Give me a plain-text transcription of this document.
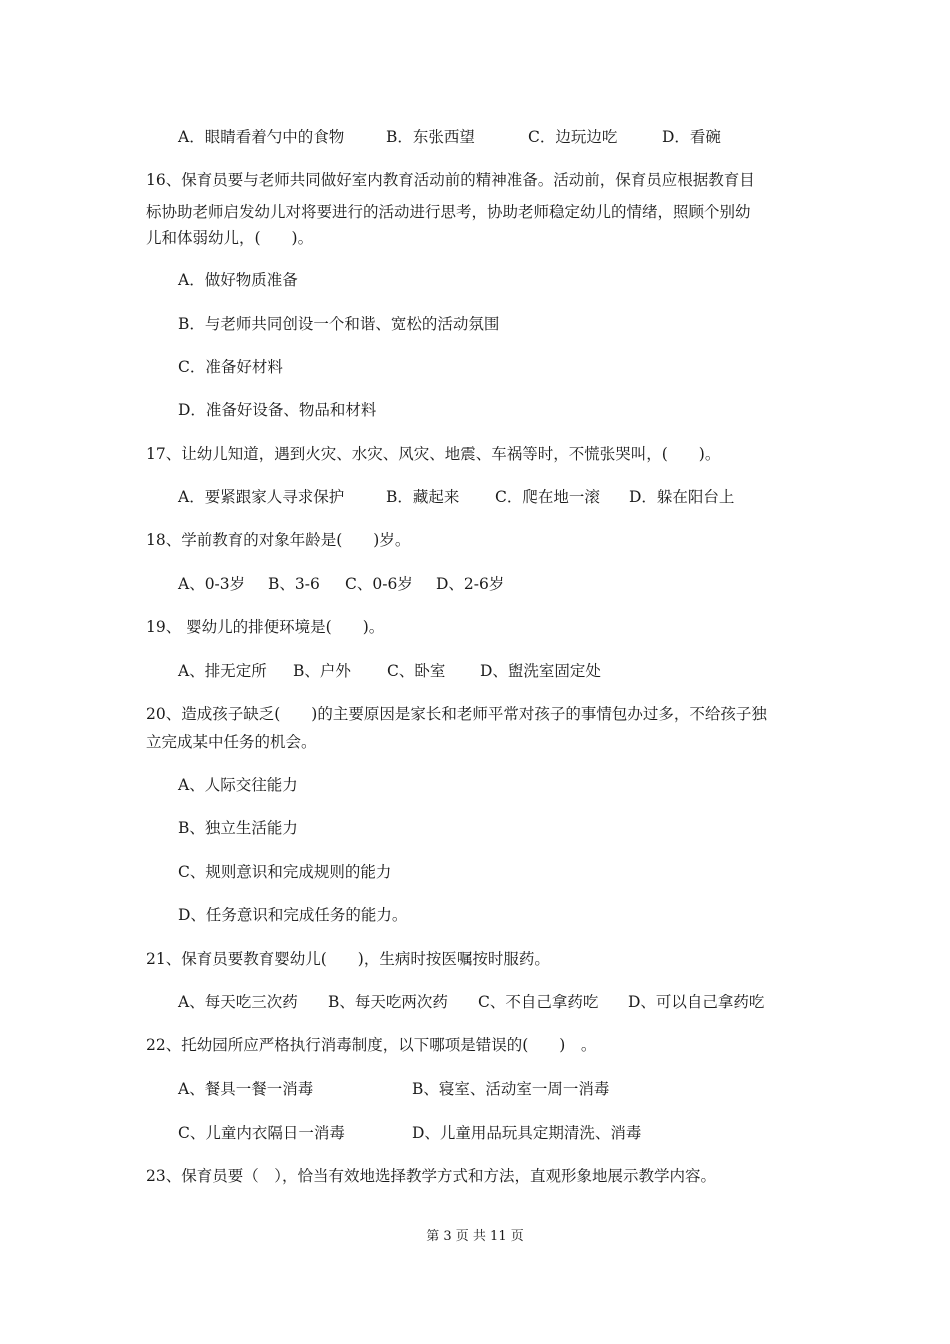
A．眼睛看着勺中的食物	B．东张西望	C．边玩边吃	D．看碗
16、保育员要与老师共同做好室内教育活动前的精神准备。活动前，保育员应根据教育目
标协助老师启发幼儿对将要进行的活动进行思考，协助老师稳定幼儿的情绪，照顾个别幼
儿和体弱幼儿，(　　)。
A．做好物质准备
B．与老师共同创设一个和谐、宽松的活动氛围
C．准备好材料
D．准备好设备、物品和材料
17、让幼儿知道，遇到火灾、水灾、风灾、地震、车祸等时，不慌张哭叫，(　　)。
A．要紧跟家人寻求保护	B．藏起来 C．爬在地一滚 D．躲在阳台上
18、学前教育的对象年龄是(　　)岁。
A、0-3岁 B、3-6 C、0-6岁 D、2-6岁
19、 婴幼儿的排便环境是(　　)。
A、排无定所 B、户外 C、卧室 D、盥洗室固定处
20、造成孩子缺乏(　　)的主要原因是家长和老师平常对孩子的事情包办过多，不给孩子独
立完成某中任务的机会。
A、人际交往能力
B、独立生活能力
C、规则意识和完成规则的能力
D、任务意识和完成任务的能力。
21、保育员要教育婴幼儿(　　)，生病时按医嘱按时服药。
A、每天吃三次药 B、每天吃两次药 C、不自己拿药吃 D、可以自己拿药吃
22、托幼园所应严格执行消毒制度，以下哪项是错误的(　　)　。
A、餐具一餐一消毒	B、寝室、活动室一周一消毒
C、儿童内衣隔日一消毒	D、儿童用品玩具定期清洗、消毒
23、保育员要（　），恰当有效地选择教学方式和方法，直观形象地展示教学内容。
第 3 页 共 11 页
